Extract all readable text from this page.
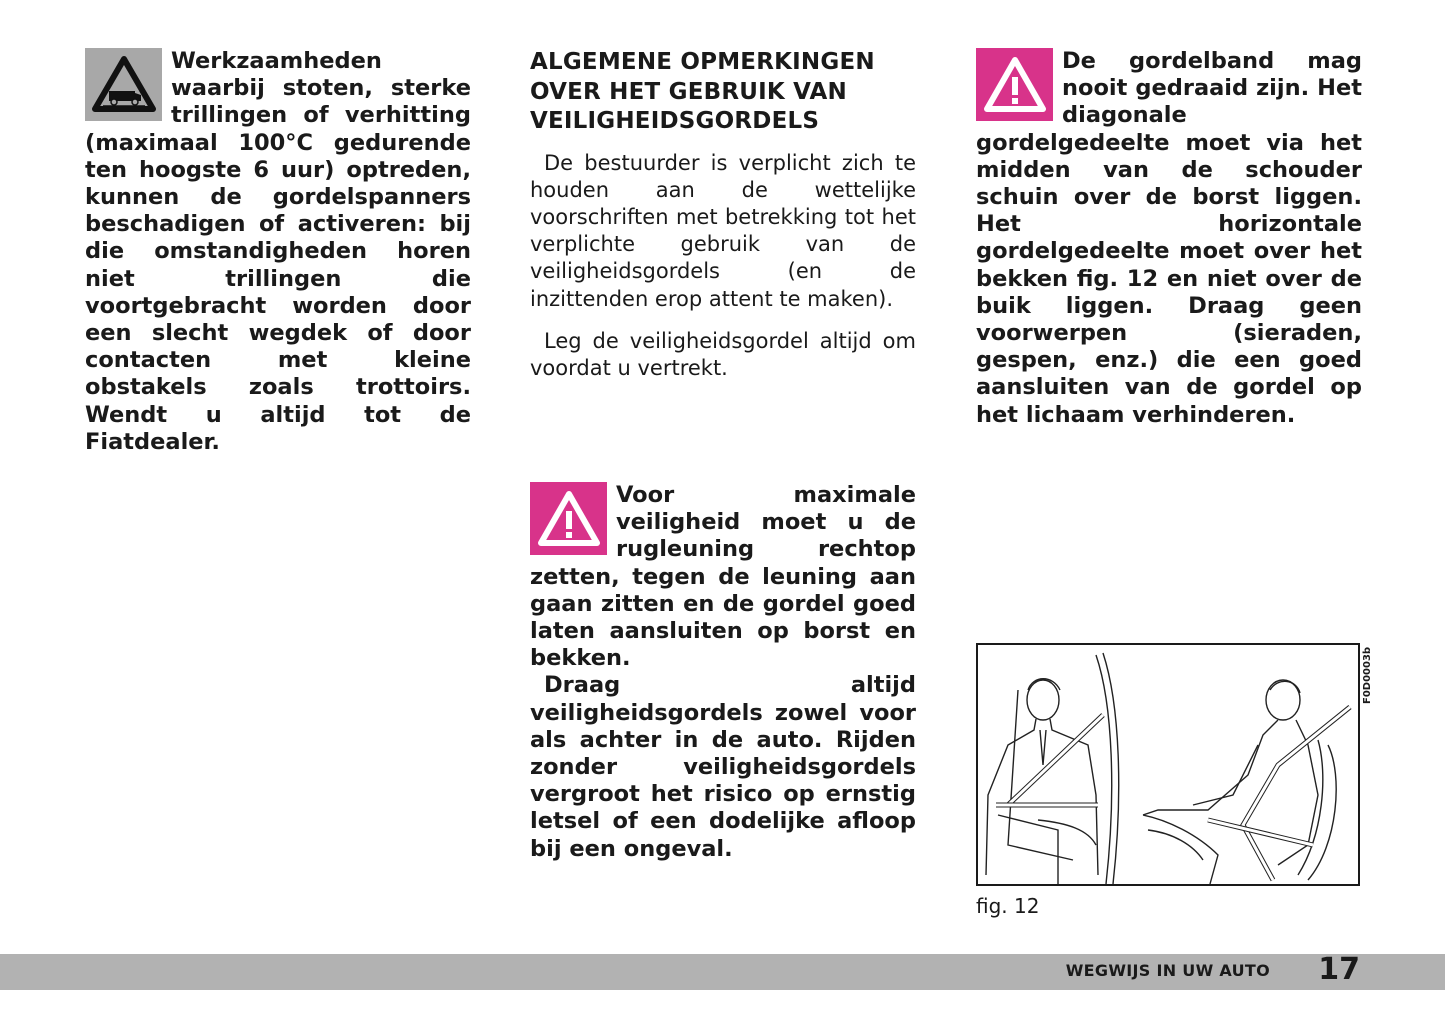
Werkzaamheden waarbij stoten, sterke trillingen of verhitting (maximaal 100°C gedurende ten hoogste 6 uur) optreden, kunnen de gordelspanners beschadigen of activeren: bij die omstandigheden horen niet trillingen die voortgebracht worden door een slecht wegdek of door contacten met kleine obstakels zoals trottoirs. Wendt u altijd tot de Fiatdealer.

ALGEMENE OPMERKINGEN OVER HET GEBRUIK VAN VEILIGHEIDSGORDELS

De bestuurder is verplicht zich te houden aan de wettelijke voorschriften met betrekking tot het verplichte gebruik van de veiligheidsgordels (en de inzittenden erop attent te maken).

Leg de veiligheidsgordel altijd om voordat u vertrekt.

Voor maximale veiligheid moet u de rugleuning rechtop zetten, tegen de leuning aan gaan zitten en de gordel goed laten aansluiten op borst en bekken.

Draag altijd veiligheidsgordels zowel voor als achter in de auto. Rijden zonder veiligheidsgordels vergroot het risico op ernstig letsel of een dodelijke afloop bij een ongeval.

De gordelband mag nooit gedraaid zijn. Het diagonale gordelgedeelte moet via het midden van de schouder schuin over de borst liggen. Het horizontale gordelgedeelte moet over het bekken fig. 12 en niet over de buik liggen. Draag geen voorwerpen (sieraden, gespen, enz.) die een goed aansluiten van de gordel op het lichaam verhinderen.

F0D0003b
fig. 12
WEGWIJS IN UW AUTO 17
